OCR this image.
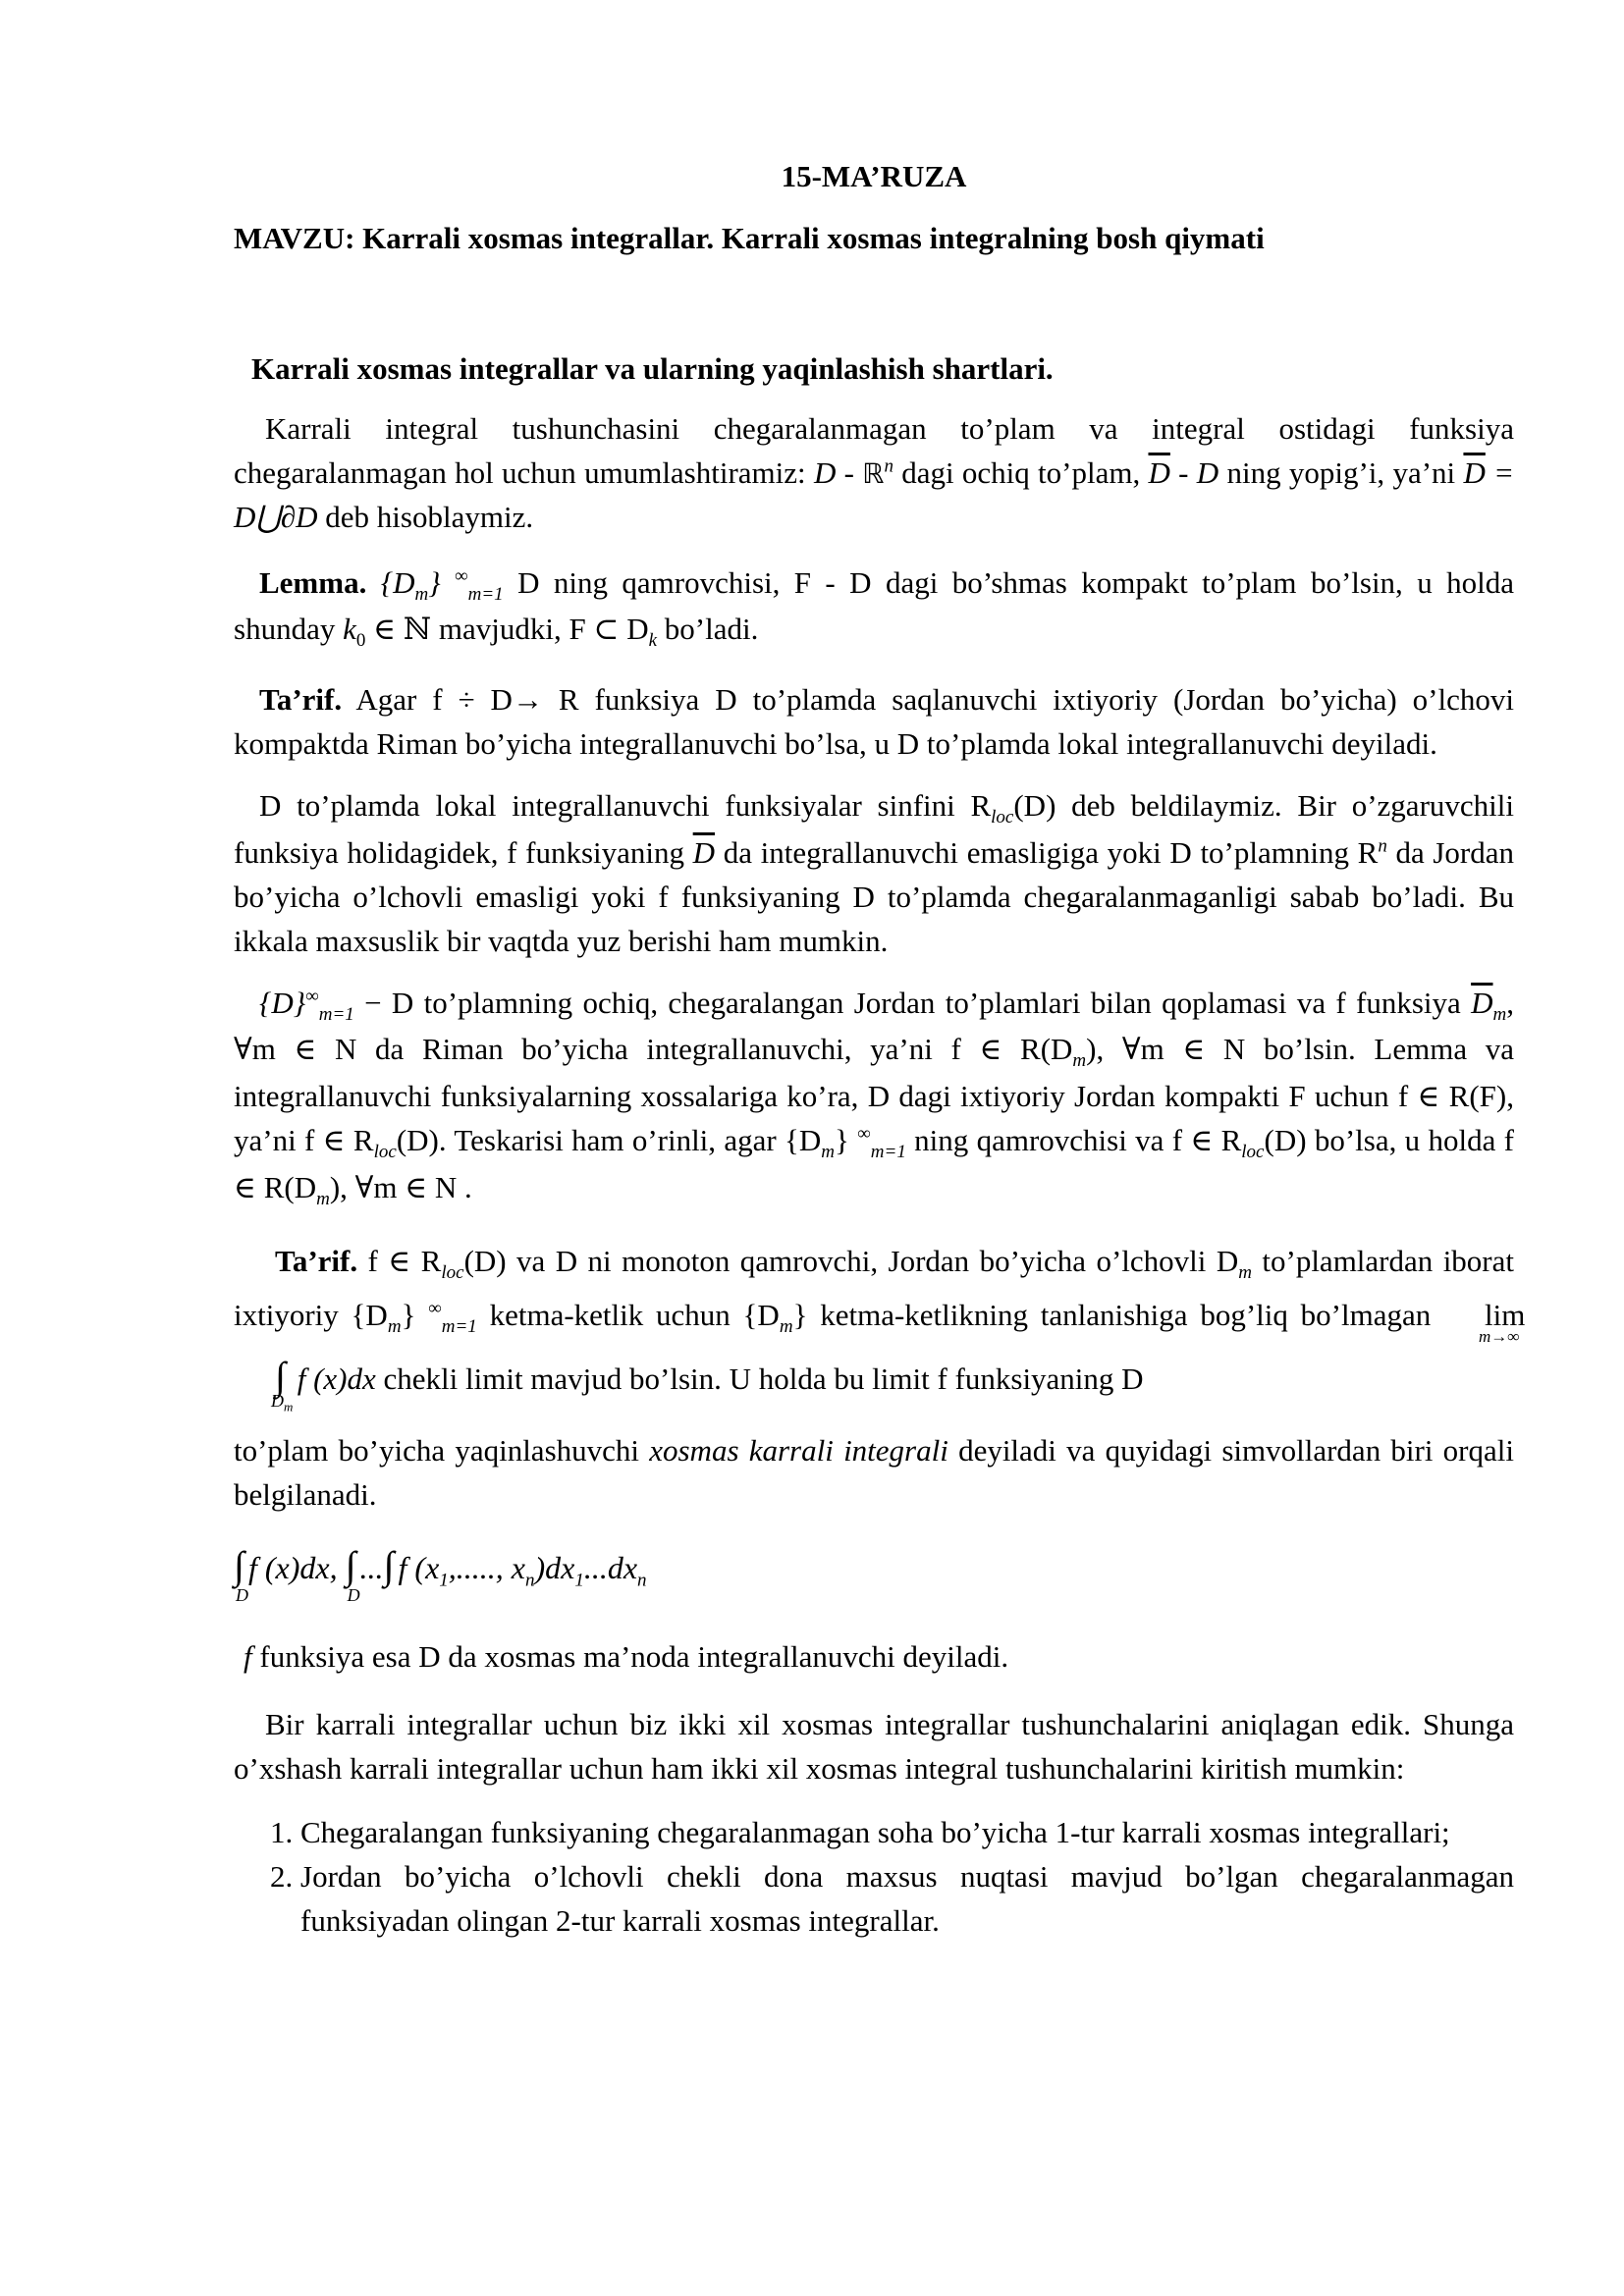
15-MA’RUZA
MAVZU: Karrali xosmas integrallar. Karrali xosmas integralning bosh qiymati
Karrali xosmas integrallar va ularning yaqinlashish shartlari.

Karrali integral tushunchasini chegaralanmagan to’plam va integral ostidagi funksiya chegaralanmagan hol uchun umumlashtiramiz: D - ℝ$^n$ dagi ochiq to’plam, $\overline{D}$ - D ning yopig’i, ya’ni $\overline{D}$ = D⋃∂D deb hisoblaymiz.

Lemma. $\{D_m\}$ ∞$_{m=1}$ D ning qamrovchisi, F - D dagi bo’shmas kompakt to’plam bo’lsin, u holda shunday $k_0$ ∈ ℕ mavjudki, F ⊂ $D_k$ bo’ladi.

Ta’rif. Agar f ÷ D→ R funksiya D to’plamda saqlanuvchi ixtiyoriy (Jordan bo’yicha) o’lchovi kompaktda Riman bo’yicha integrallanuvchi bo’lsa, u D to’plamda lokal integrallanuvchi deyiladi.

D to’plamda lokal integrallanuvchi funksiyalar sinfini $R_{loc}(D)$ deb beldilaymiz. Bir o’zgaruvchili funksiya holidagidek, f funksiyaning $\overline{D}$ da integrallanuvchi emasligiga yoki D to’plamning $R^n$ da Jordan bo’yicha o’lchovli emasligi yoki f funksiyaning D to’plamda chegaralanmaganligi sabab bo’ladi. Bu ikkala maxsuslik bir vaqtda yuz berishi ham mumkin.

$\{D\}^\infty_{m=1} - D$ to’plamning ochiq, chegaralangan Jordan to’plamlari bilan qoplamasi va f funksiya $\overline{D}_m$, ∀m ∈ N da Riman bo’yicha integrallanuvchi, ya’ni f ∈ $R(D_m)$, ∀m ∈ N bo’lsin. Lemma va integrallanuvchi funksiyalarning xossalariga ko’ra, D dagi ixtiyoriy Jordan kompakti F uchun f ∈ R(F), ya’ni f ∈ $R_{loc}(D)$. Teskarisi ham o’rinli, agar $\{D_m\}$ ∞$_{m=1}$ ning qamrovchisi va f ∈ $R_{loc}(D)$ bo’lsa, u holda f ∈ $R(D_m)$, ∀m ∈ N .

Ta’rif. f ∈ $R_{loc}(D)$ va D ni monoton qamrovchi, Jordan bo’yicha o’lchovli $D_m$ to’plamlardan iborat ixtiyoriy $\{D_m\}$ ∞$_{m=1}$ ketma-ketlik uchun $\{D_m\}$ ketma-ketlikning tanlanishiga bog’liq bo’lmagan lim
m→∞
∫
$D_m$
f (x)dx chekli limit mavjud bo’lsin. U holda bu limit f funksiyaning D

to’plam bo’yicha yaqinlashuvchi xosmas karrali integrali deyiladi va quyidagi simvollardan biri orqali belgilanadi.

∫
D
f (x)dx, ∫
D
...∫ f ($x_1$,....., $x_n)dx_1...dx_n$

f funksiya esa D da xosmas ma’noda integrallanuvchi deyiladi.

Bir karrali integrallar uchun biz ikki xil xosmas integrallar tushunchalarini aniqlagan edik. Shunga o’xshash karrali integrallar uchun ham ikki xil xosmas integral tushunchalarini kiritish mumkin:

1. Chegaralangan funksiyaning chegaralanmagan soha bo’yicha 1-tur karrali xosmas integrallari;
2. Jordan bo’yicha o’lchovli chekli dona maxsus nuqtasi mavjud bo’lgan chegaralanmagan funksiyadan olingan 2-tur karrali xosmas integrallar.
